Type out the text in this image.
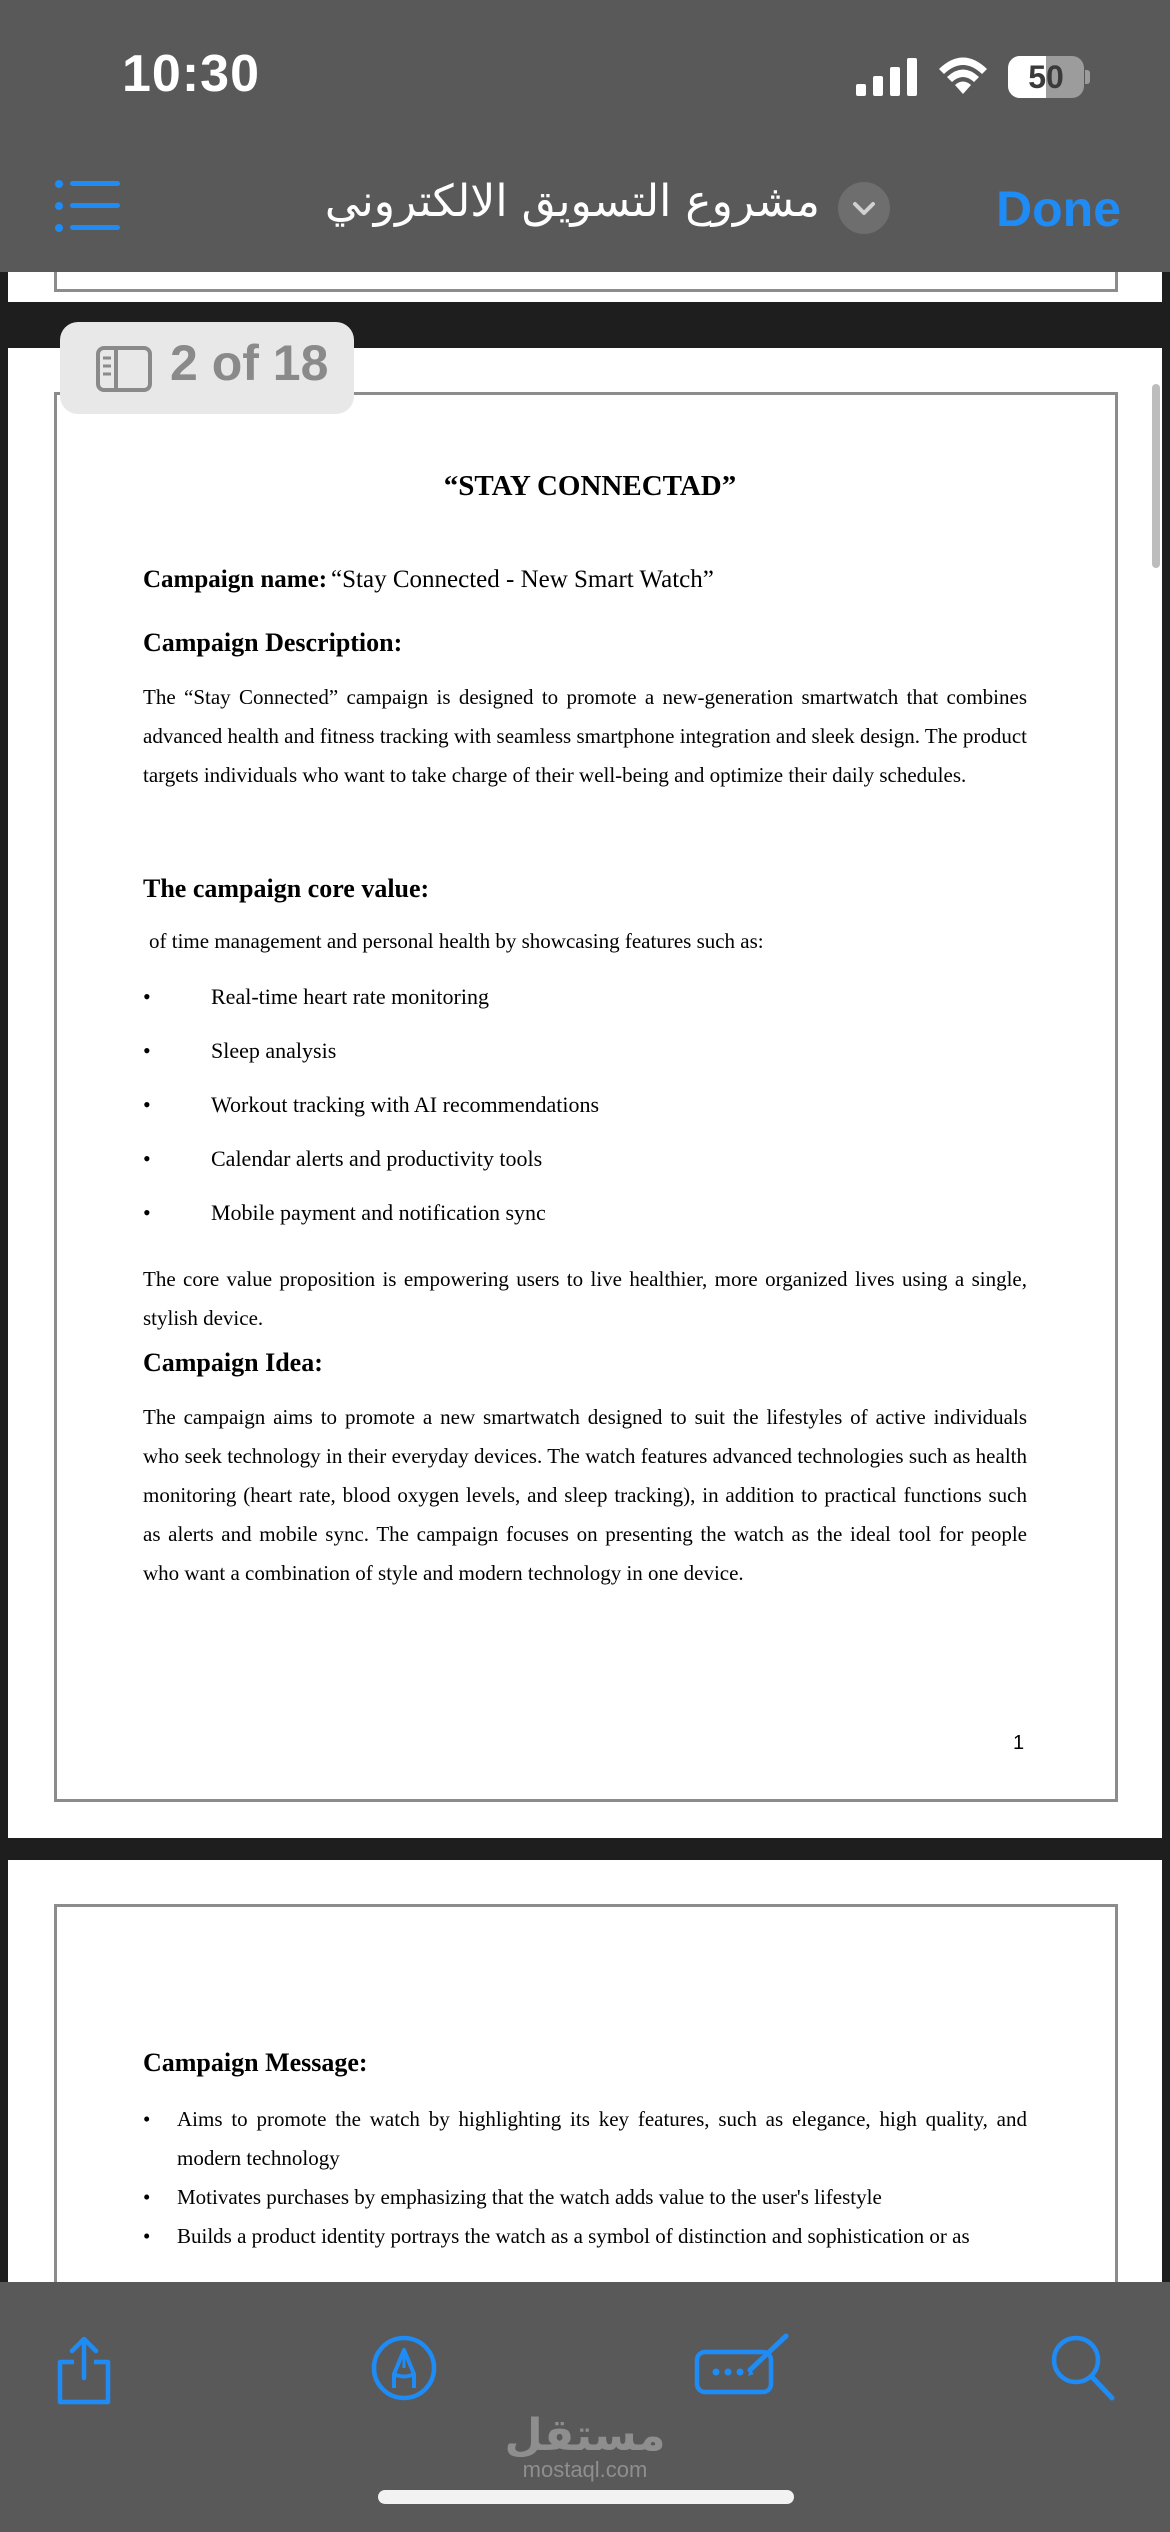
10:30	50
مشروع التسويق الالكتروني	Done
“STAY CONNECTAD”
Campaign name: “Stay Connected - New Smart Watch”
Campaign Description:
The “Stay Connected” campaign is designed to promote a new-generation smartwatch that combines advanced health and fitness tracking with seamless smartphone integration and sleek design. The product targets individuals who want to take charge of their well-being and optimize their daily schedules.
The campaign core value:
of time management and personal health by showcasing features such as:
•	Real-time heart rate monitoring
•	Sleep analysis
•	Workout tracking with AI recommendations
•	Calendar alerts and productivity tools
•	Mobile payment and notification sync
The core value proposition is empowering users to live healthier, more organized lives using a single, stylish device.
Campaign Idea:
The campaign aims to promote a new smartwatch designed to suit the lifestyles of active individuals who seek technology in their everyday devices. The watch features advanced technologies such as health monitoring (heart rate, blood oxygen levels, and sleep tracking), in addition to practical functions such as alerts and mobile sync. The campaign focuses on presenting the watch as the ideal tool for people who want a combination of style and modern technology in one device.
1
Campaign Message:
• Aims to promote the watch by highlighting its key features, such as elegance, high quality, and modern technology
• Motivates purchases by emphasizing that the watch adds value to the user's lifestyle
• Builds a product identity portrays the watch as a symbol of distinction and sophistication or as
2 of 18
مستقل
mostaql.com
